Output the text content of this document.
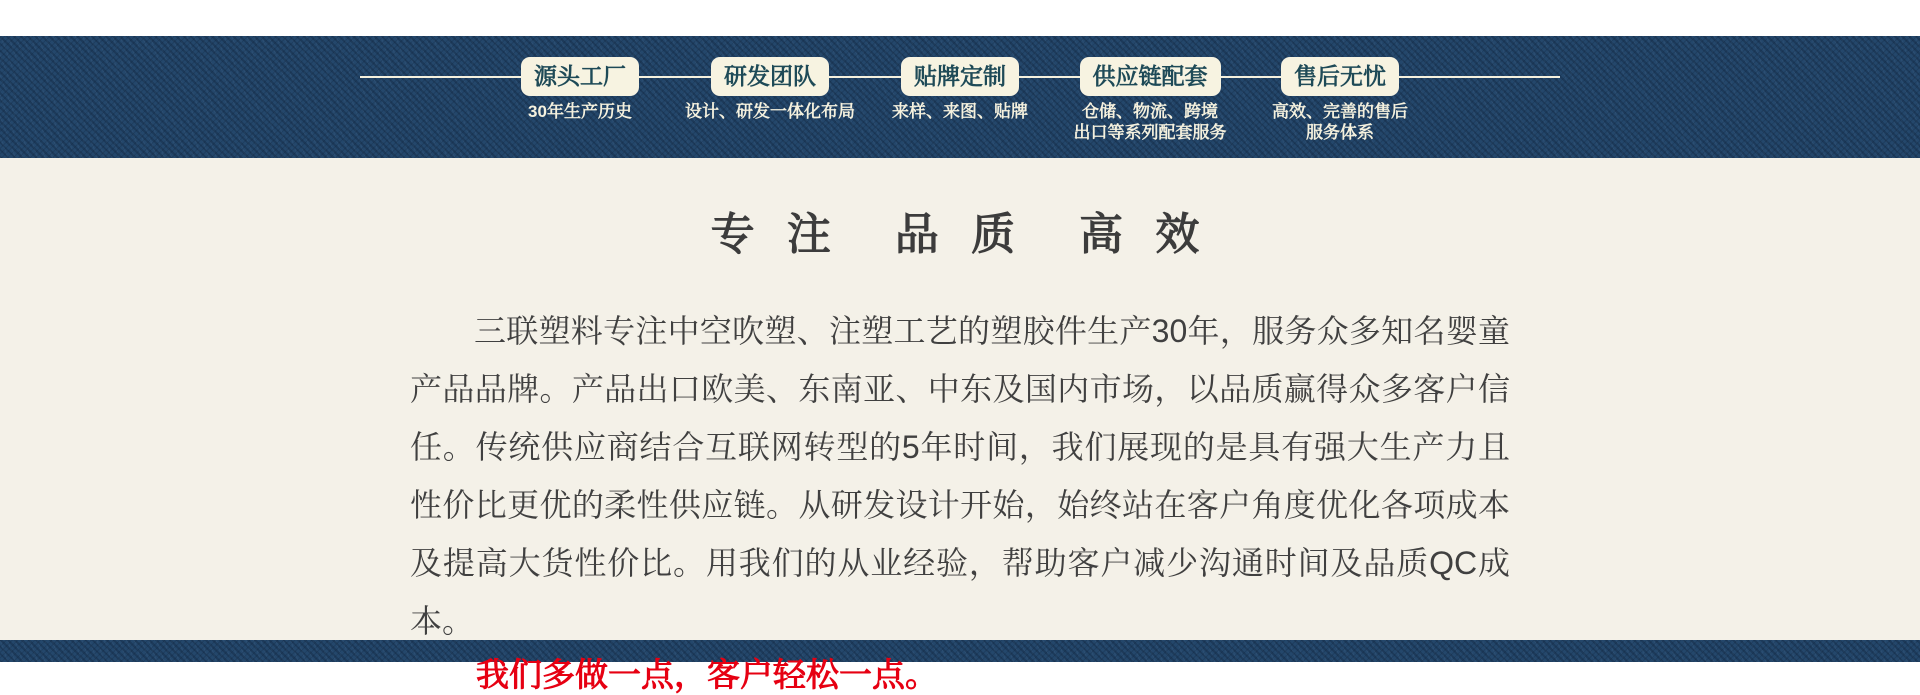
源头工厂
30年生产历史
研发团队
设计、研发一体化布局
贴牌定制
来样、来图、贴牌
供应链配套
仓储、物流、跨境
出口等系列配套服务
售后无忧
高效、完善的售后
服务体系
专 注　品 质　高 效

三联塑料专注中空吹塑、注塑工艺的塑胶件生产30年，服务众多知名婴童产品品牌。产品出口欧美、东南亚、中东及国内市场，以品质赢得众多客户信任。传统供应商结合互联网转型的5年时间，我们展现的是具有强大生产力且性价比更优的柔性供应链。从研发设计开始，始终站在客户角度优化各项成本及提高大货性价比。用我们的从业经验，帮助客户减少沟通时间及品质QC成本。

我们多做一点，客户轻松一点。
